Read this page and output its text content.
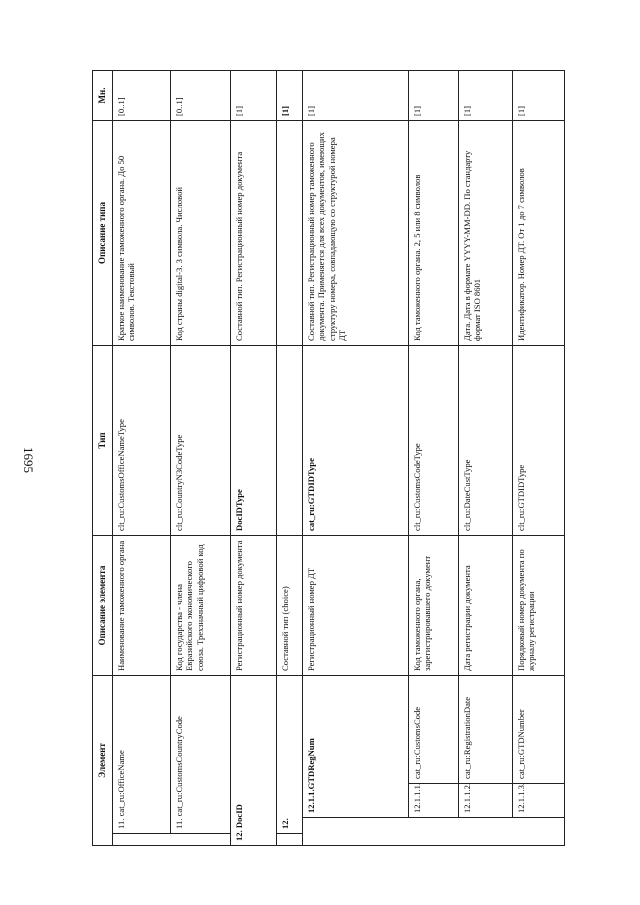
1695
Элемент				Описание элемента	Тип	Описание типа	Мн.
	11. cat_ru:OfficeName			Наименование таможенного органа	clt_ru:CustomsOfficeNameType	Краткое наименование таможенного органа. До 50 символов. Текстовый	[0..1]
	11. cat_ru:CustomsCountryCode			Код государства - члена Евразийского экономического союза. Трехзначный цифровой код	clt_ru:CountryN3CodeType	Код страны digital-3. 3 символа. Числовой	[0..1]
12. DocID				Регистрационный номер документа	DocIDType	Составной тип. Регистрационный номер документа	[1]
	12.			Составной тип (choice)			[1]
		12.1.1.GTDRegNum		Регистрационный номер ДТ	cat_ru:GTDIDType	Составной тип. Регистрационный номер таможенного документа. Применяется для всех документов, имеющих структуру номера, совпадающую со структурой номера ДТ	[1]
		12.1.1.1.	cat_ru:CustomsCode	Код таможенного органа, зарегистрировавшего документ	clt_ru:CustomsCodeType	Код таможенного органа. 2, 5 или 8 символов	[1]
		12.1.1.2.	cat_ru:RegistrationDate	Дата регистрации документа	clt_ru:DateCustType	Дата. Дата в формате YYYY-MM-DD. По стандарту формат ISO 8601	[1]
		12.1.1.3.	cat_ru:GTDNumber	Порядковый номер документа по журналу регистрации	clt_ru:GTDIDType	Идентификатор. Номер ДТ. От 1 до 7 символов	[1]
